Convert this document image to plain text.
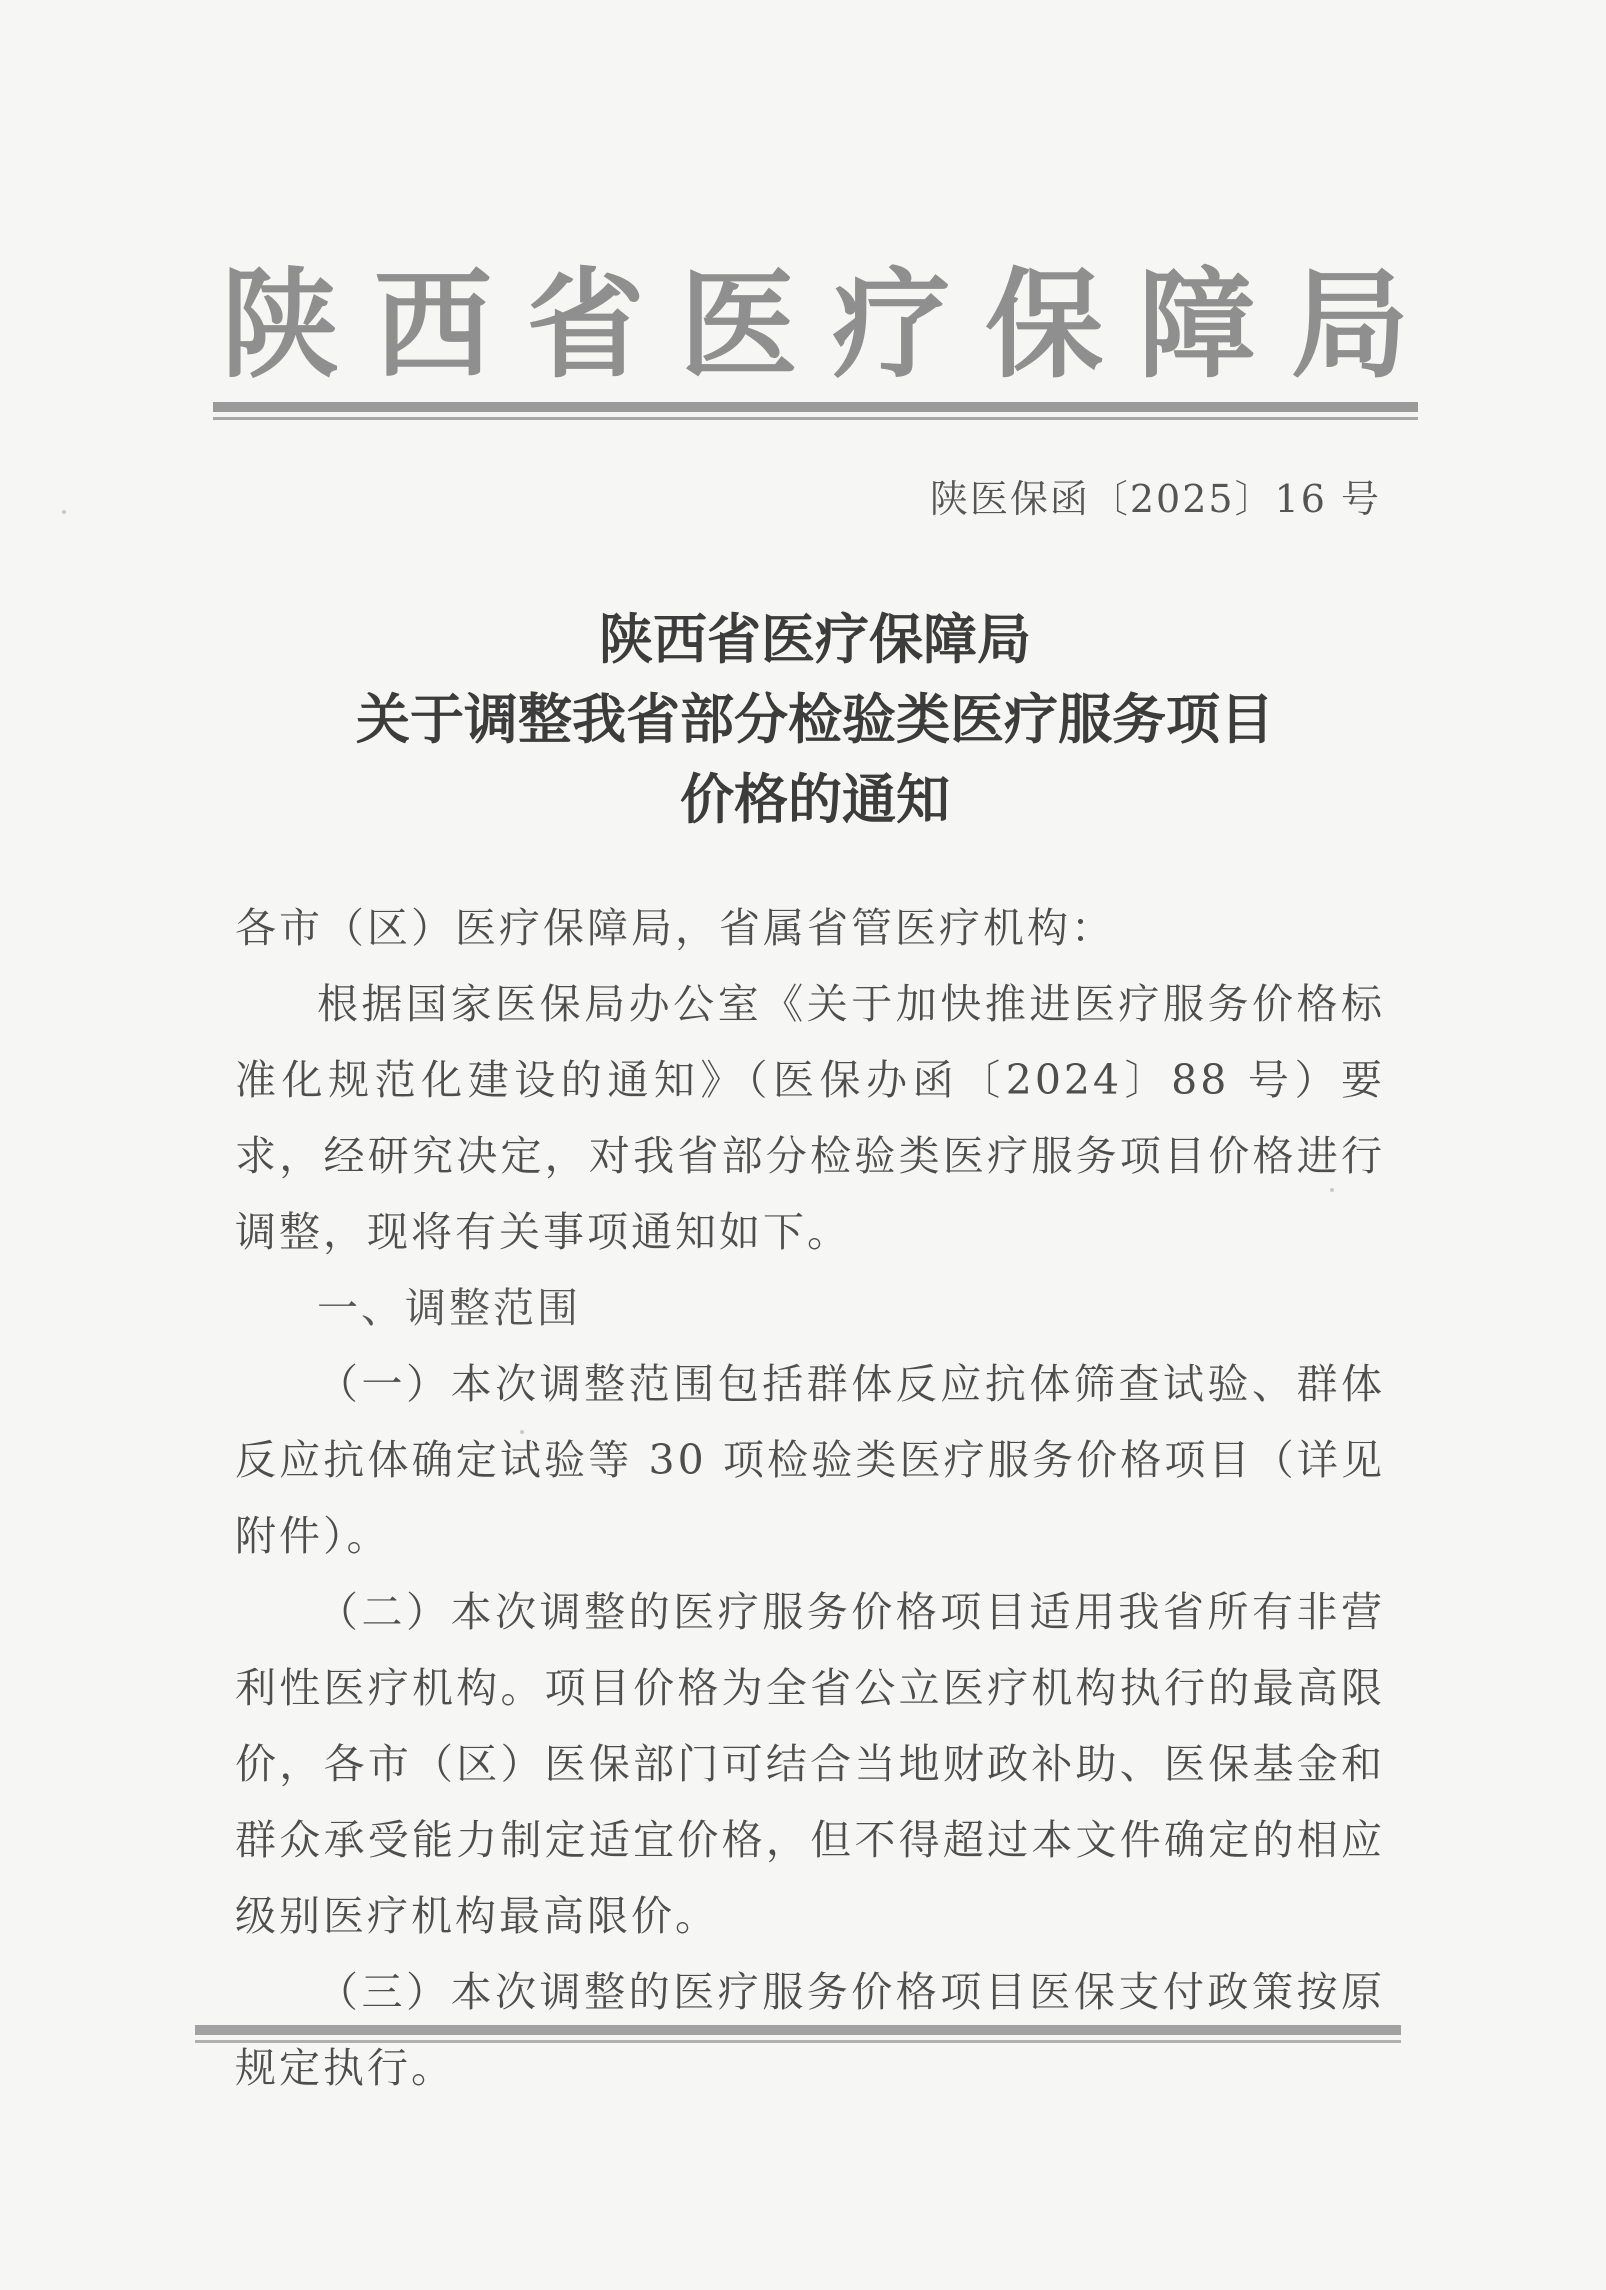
陕 西 省 医 疗 保 障 局
陕医保函〔2025〕16 号
陕西省医疗保障局
关于调整我省部分检验类医疗服务项目
价格的通知

各市（区）医疗保障局，省属省管医疗机构：

根据国家医保局办公室《关于加快推进医疗服务价格标准化规范化建设的通知》（医保办函〔2024〕88 号）要求，经研究决定，对我省部分检验类医疗服务项目价格进行调整，现将有关事项通知如下。

一、调整范围

（一）本次调整范围包括群体反应抗体筛查试验、群体反应抗体确定试验等 30 项检验类医疗服务价格项目（详见附件）。

（二）本次调整的医疗服务价格项目适用我省所有非营利性医疗机构。项目价格为全省公立医疗机构执行的最高限价，各市（区）医保部门可结合当地财政补助、医保基金和群众承受能力制定适宜价格，但不得超过本文件确定的相应级别医疗机构最高限价。

（三）本次调整的医疗服务价格项目医保支付政策按原规定执行。
